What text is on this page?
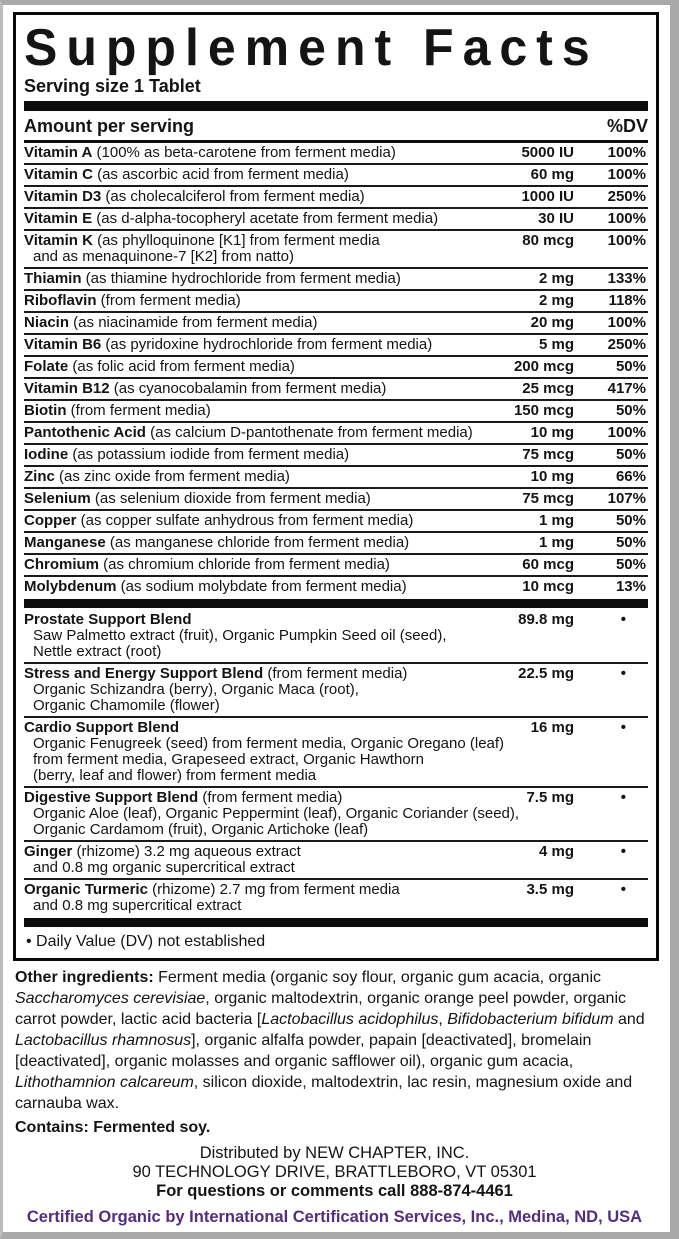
Supplement Facts
Serving size 1 Tablet
Amount per serving	%DV
Vitamin A (100% as beta-carotene from ferment media)	5000 IU	100%
Vitamin C (as ascorbic acid from ferment media)	60 mg	100%
Vitamin D3 (as cholecalciferol from ferment media)	1000 IU	250%
Vitamin E (as d-alpha-tocopheryl acetate from ferment media)	30 IU	100%
Vitamin K (as phylloquinone [K1] from ferment media	80 mcg	100%
and as menaquinone-7 [K2] from natto)
Thiamin (as thiamine hydrochloride from ferment media)	2 mg	133%
Riboflavin (from ferment media)	2 mg	118%
Niacin (as niacinamide from ferment media)	20 mg	100%
Vitamin B6 (as pyridoxine hydrochloride from ferment media)	5 mg	250%
Folate (as folic acid from ferment media)	200 mcg	50%
Vitamin B12 (as cyanocobalamin from ferment media)	25 mcg	417%
Biotin (from ferment media)	150 mcg	50%
Pantothenic Acid (as calcium D-pantothenate from ferment media)	10 mg	100%
Iodine (as potassium iodide from ferment media)	75 mcg	50%
Zinc (as zinc oxide from ferment media)	10 mg	66%
Selenium (as selenium dioxide from ferment media)	75 mcg	107%
Copper (as copper sulfate anhydrous from ferment media)	1 mg	50%
Manganese (as manganese chloride from ferment media)	1 mg	50%
Chromium (as chromium chloride from ferment media)	60 mcg	50%
Molybdenum (as sodium molybdate from ferment media)	10 mcg	13%
Prostate Support Blend	89.8 mg	•
Saw Palmetto extract (fruit), Organic Pumpkin Seed oil (seed),
Nettle extract (root)
Stress and Energy Support Blend (from ferment media)	22.5 mg	•
Organic Schizandra (berry), Organic Maca (root),
Organic Chamomile (flower)
Cardio Support Blend	16 mg	•
Organic Fenugreek (seed) from ferment media, Organic Oregano (leaf)
from ferment media, Grapeseed extract, Organic Hawthorn
(berry, leaf and flower) from ferment media
Digestive Support Blend (from ferment media)	7.5 mg	•
Organic Aloe (leaf), Organic Peppermint (leaf), Organic Coriander (seed),
Organic Cardamom (fruit), Organic Artichoke (leaf)
Ginger (rhizome) 3.2 mg aqueous extract	4 mg	•
and 0.8 mg organic supercritical extract
Organic Turmeric (rhizome) 2.7 mg from ferment media	3.5 mg	•
and 0.8 mg supercritical extract
• Daily Value (DV) not established
Other ingredients: Ferment media (organic soy flour, organic gum acacia, organic Saccharomyces cerevisiae, organic maltodextrin, organic orange peel powder, organic carrot powder, lactic acid bacteria [Lactobacillus acidophilus, Bifidobacterium bifidum and Lactobacillus rhamnosus], organic alfalfa powder, papain [deactivated], bromelain [deactivated], organic molasses and organic safflower oil), organic gum acacia, Lithothamnion calcareum, silicon dioxide, maltodextrin, lac resin, magnesium oxide and carnauba wax.
Contains: Fermented soy.
Distributed by NEW CHAPTER, INC.
90 TECHNOLOGY DRIVE, BRATTLEBORO, VT 05301
For questions or comments call 888-874-4461
Certified Organic by International Certification Services, Inc., Medina, ND, USA
